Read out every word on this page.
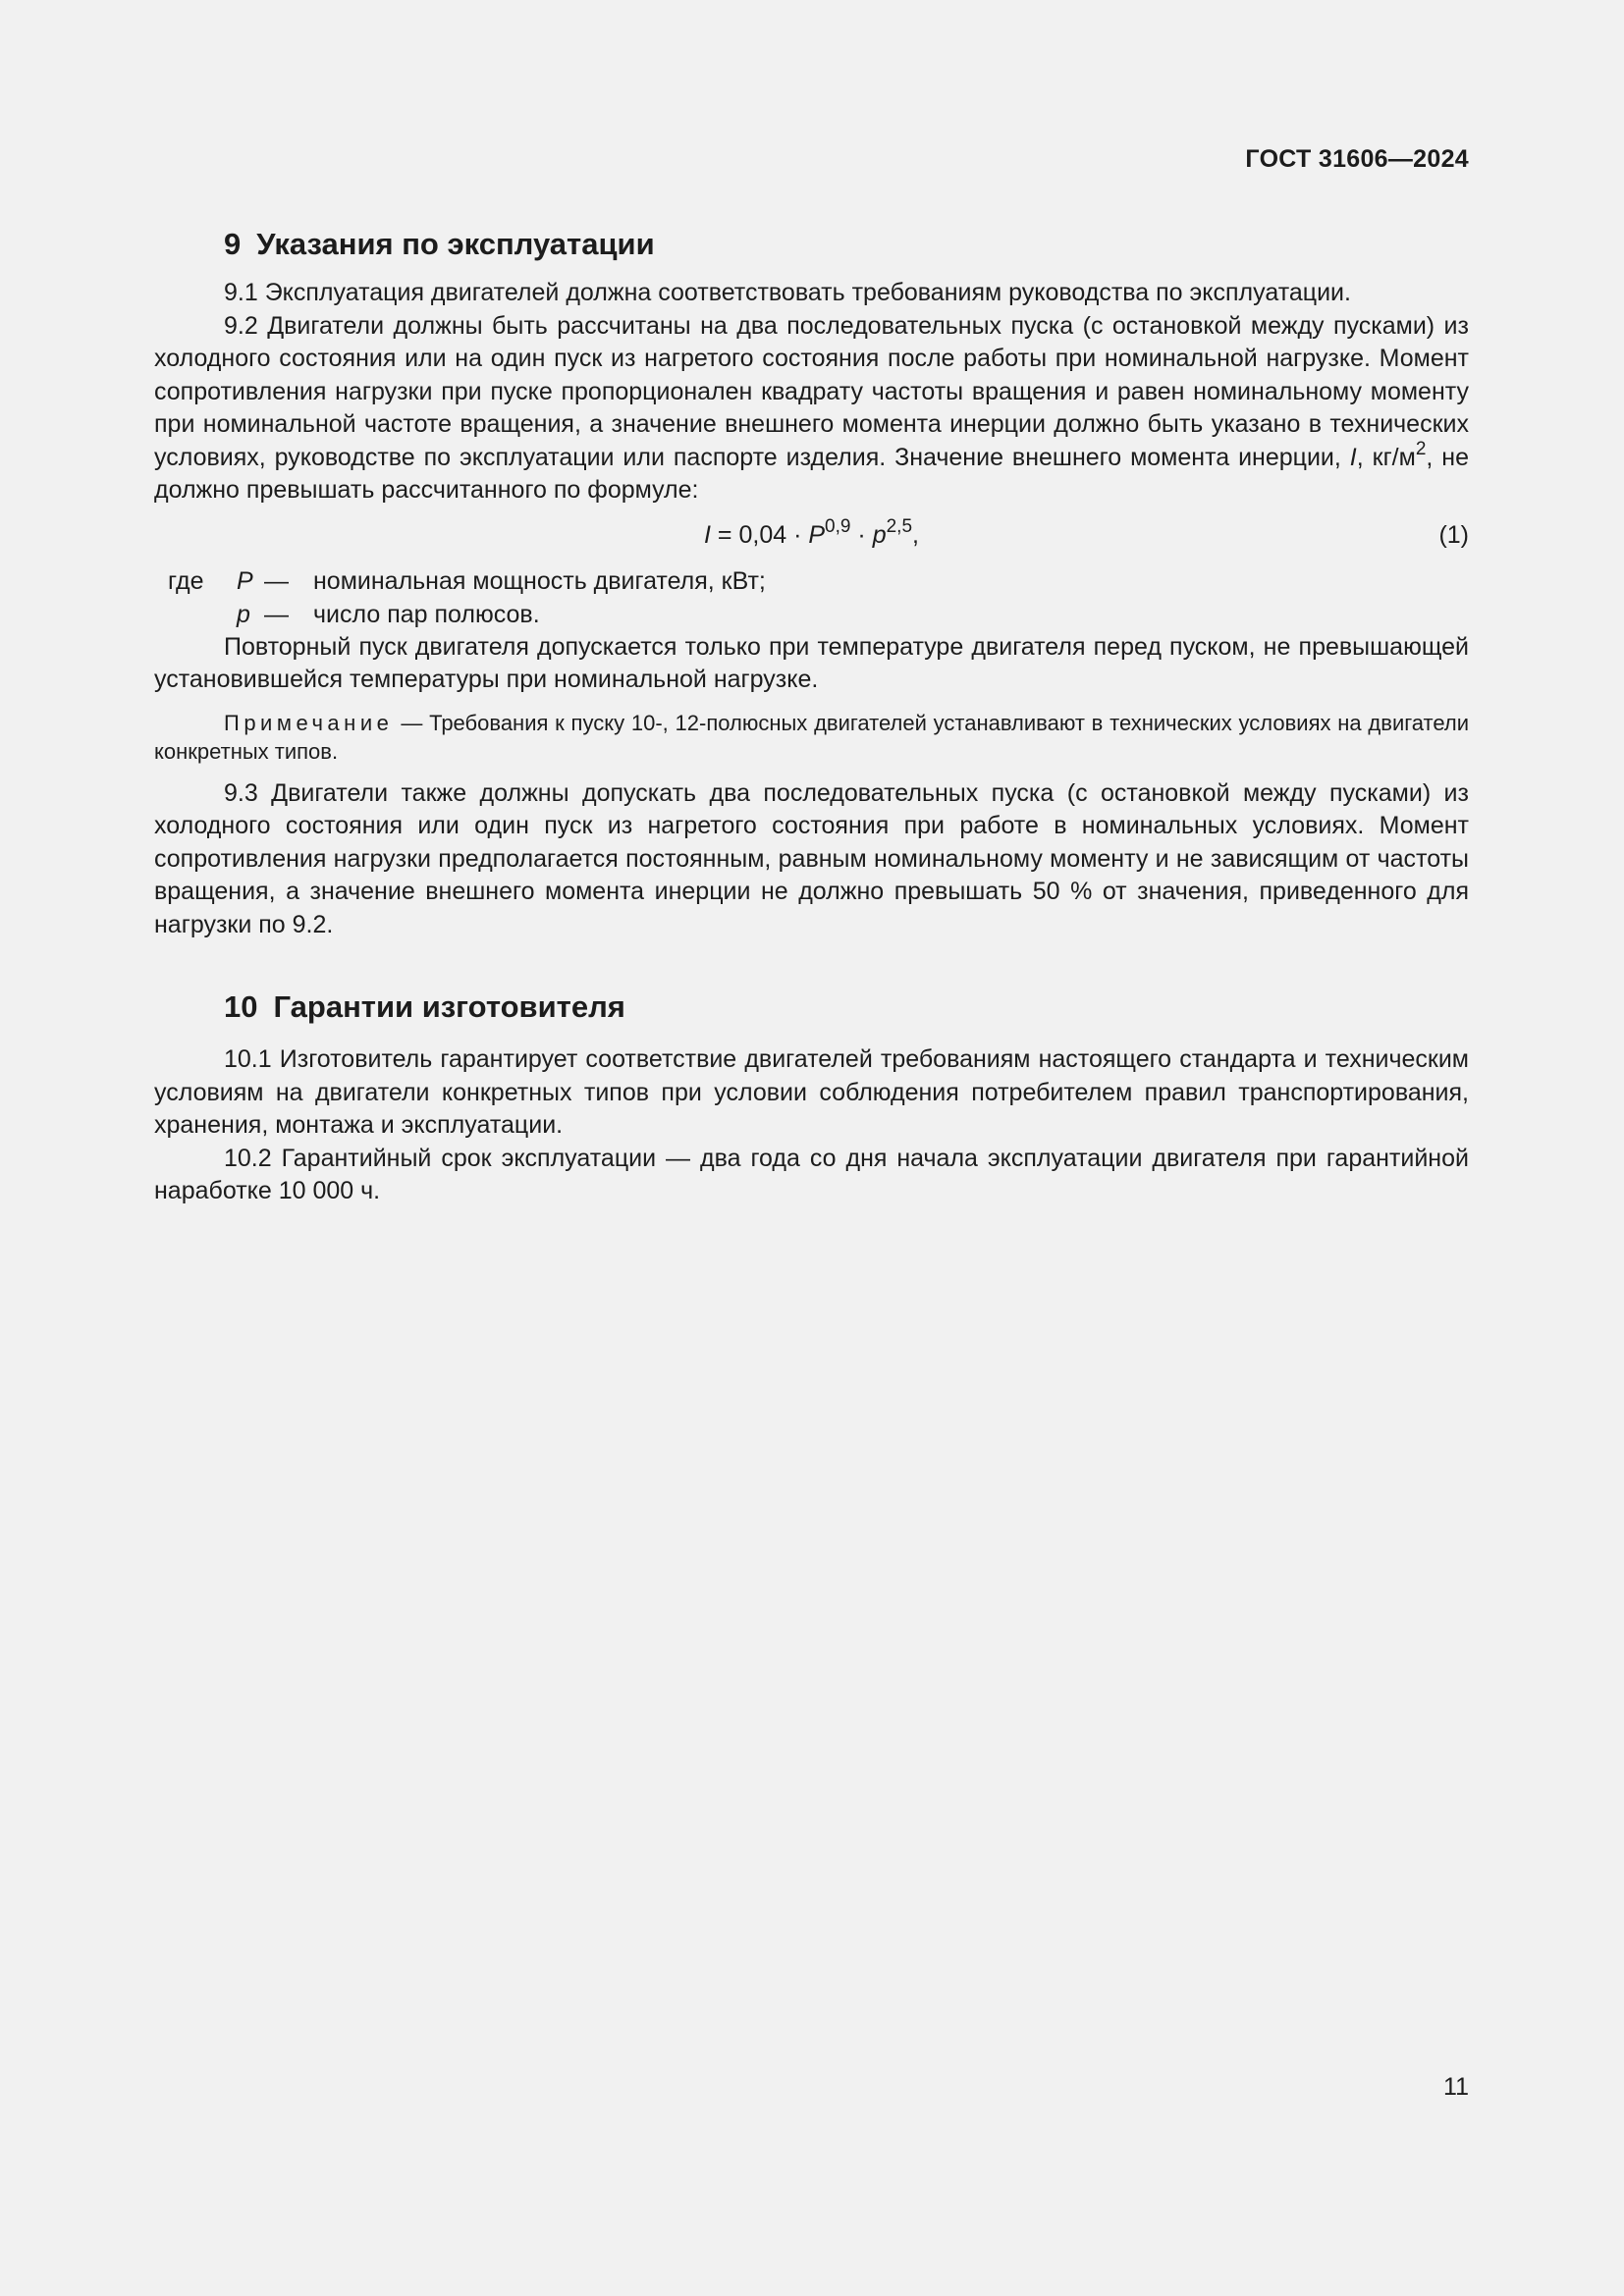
ГОСТ 31606—2024
9 Указания по эксплуатации

9.1 Эксплуатация двигателей должна соответствовать требованиям руководства по эксплуатации.

9.2 Двигатели должны быть рассчитаны на два последовательных пуска (с остановкой между пусками) из холодного состояния или на один пуск из нагретого состояния после работы при номинальной нагрузке. Момент сопротивления нагрузки при пуске пропорционален квадрату частоты вращения и равен номинальному моменту при номинальной частоте вращения, а значение внешнего момента инерции должно быть указано в технических условиях, руководстве по эксплуатации или паспорте изделия. Значение внешнего момента инерции, I, $кг/м^2$, не должно превышать рассчитанного по формуле:

$I = 0,04 \cdot P^{0,9} \cdot p^{2,5}$,	(1)
где	P —	номинальная мощность двигателя, кВт;
p —	число пар полюсов.

Повторный пуск двигателя допускается только при температуре двигателя перед пуском, не превышающей установившейся температуры при номинальной нагрузке.

Примечание — Требования к пуску 10-, 12-полюсных двигателей устанавливают в технических условиях на двигатели конкретных типов.

9.3 Двигатели также должны допускать два последовательных пуска (с остановкой между пусками) из холодного состояния или один пуск из нагретого состояния при работе в номинальных условиях. Момент сопротивления нагрузки предполагается постоянным, равным номинальному моменту и не зависящим от частоты вращения, а значение внешнего момента инерции не должно превышать 50 % от значения, приведенного для нагрузки по 9.2.

10 Гарантии изготовителя

10.1 Изготовитель гарантирует соответствие двигателей требованиям настоящего стандарта и техническим условиям на двигатели конкретных типов при условии соблюдения потребителем правил транспортирования, хранения, монтажа и эксплуатации.

10.2 Гарантийный срок эксплуатации — два года со дня начала эксплуатации двигателя при гарантийной наработке 10 000 ч.

11
